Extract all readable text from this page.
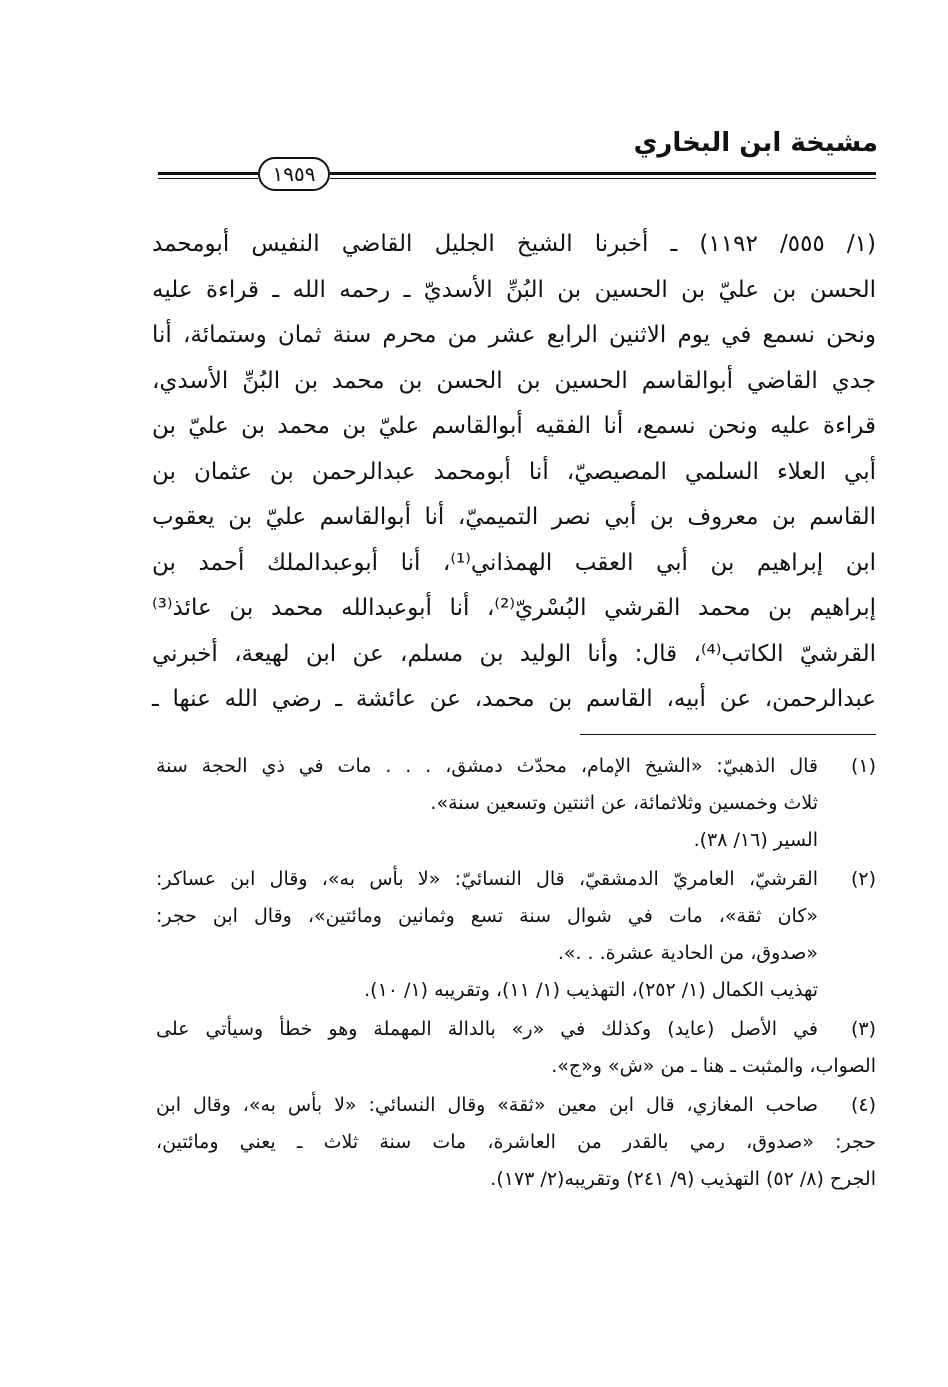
مشيخة ابن البخاري
١٩٥٩
(١/ ٥٥٥/ ١١٩٢) ـ أخبرنا الشيخ الجليل القاضي النفيس أبومحمد
الحسن بن عليّ بن الحسين بن البُنِّ الأسديّ ـ رحمه الله ـ قراءة عليه
ونحن نسمع في يوم الاثنين الرابع عشر من محرم سنة ثمان وستمائة، أنا
جدي القاضي أبوالقاسم الحسين بن الحسن بن محمد بن البُنِّ الأسدي،
قراءة عليه ونحن نسمع، أنا الفقيه أبوالقاسم عليّ بن محمد بن عليّ بن
أبي العلاء السلمي المصيصيّ، أنا أبومحمد عبدالرحمن بن عثمان بن
القاسم بن معروف بن أبي نصر التميميّ، أنا أبوالقاسم عليّ بن يعقوب
ابن إبراهيم بن أبي العقب الهمذاني⁽¹⁾، أنا أبوعبدالملك أحمد بن
إبراهيم بن محمد القرشي البُسْريّ⁽²⁾، أنا أبوعبدالله محمد بن عائذ⁽³⁾
القرشيّ الكاتب⁽⁴⁾، قال: وأنا الوليد بن مسلم، عن ابن لهيعة، أخبرني
عبدالرحمن، عن أبيه، القاسم بن محمد، عن عائشة ـ رضي الله عنها ـ
(١)
قال الذهبيّ: «الشيخ الإمام، محدّث دمشق، . . . مات في ذي الحجة سنة
ثلاث وخمسين وثلاثمائة، عن اثنتين وتسعين سنة».
السير (١٦/ ٣٨).
(٢)
القرشيّ، العامريّ الدمشقيّ، قال النسائيّ: «لا بأس به»، وقال ابن عساكر:
«كان ثقة»، مات في شوال سنة تسع وثمانين ومائتين»، وقال ابن حجر:
«صدوق، من الحادية عشرة. . .».
تهذيب الكمال (١/ ٢٥٢)، التهذيب (١/ ١١)، وتقريبه (١/ ١٠).
(٣)
في الأصل (عايد) وكذلك في «ر» بالدالة المهملة وهو خطأ وسيأتي على
الصواب، والمثبت ـ هنا ـ من «ش» و«ج».
(٤)
صاحب المغازي، قال ابن معين «ثقة» وقال النسائي: «لا بأس به»، وقال ابن
حجر: «صدوق، رمي بالقدر من العاشرة، مات سنة ثلاث ـ يعني ومائتين،
الجرح (٨/ ٥٢) التهذيب (٩/ ٢٤١) وتقريبه(٢/ ١٧٣).
